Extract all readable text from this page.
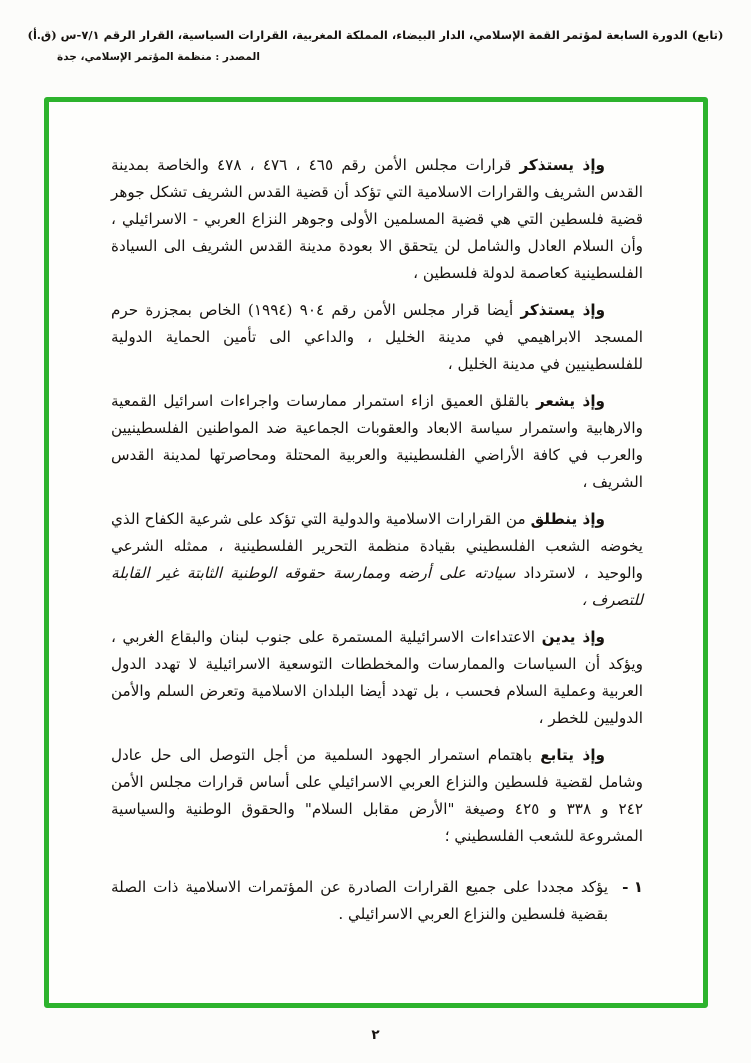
(تابع) الدورة السابعة لمؤتمر القمة الإسلامي، الدار البيضاء، المملكة المغربية، القرارات السياسية، القرار الرقم ٧/١-س (ق.أ)
المصدر : منظمة المؤتمر الإسلامي، جدة
وإذ يستذكر قرارات مجلس الأمن رقم ٤٦٥ ، ٤٧٦ ، ٤٧٨ والخاصة بمدينة القدس الشريف والقرارات الاسلامية التي تؤكد أن قضية القدس الشريف تشكل جوهر قضية فلسطين التي هي قضية المسلمين الأولى وجوهر النزاع العربي - الاسرائيلي ، وأن السلام العادل والشامل لن يتحقق الا بعودة مدينة القدس الشريف الى السيادة الفلسطينية كعاصمة لدولة فلسطين ،
وإذ يستذكر أيضا قرار مجلس الأمن رقم ٩٠٤ (١٩٩٤) الخاص بمجزرة حرم المسجد الابراهيمي في مدينة الخليل ، والداعي الى تأمين الحماية الدولية للفلسطينيين في مدينة الخليل ،
وإذ يشعر بالقلق العميق ازاء استمرار ممارسات واجراءات اسرائيل القمعية والارهابية واستمرار سياسة الابعاد والعقوبات الجماعية ضد المواطنين الفلسطينيين والعرب في كافة الأراضي الفلسطينية والعربية المحتلة ومحاصرتها لمدينة القدس الشريف ،
وإذ ينطلق من القرارات الاسلامية والدولية التي تؤكد على شرعية الكفاح الذي يخوضه الشعب الفلسطيني بقيادة منظمة التحرير الفلسطينية ، ممثله الشرعي والوحيد ، لاسترداد سيادته على أرضه وممارسة حقوقه الوطنية الثابتة غير القابلة للتصرف ،
وإذ يدين الاعتداءات الاسرائيلية المستمرة على جنوب لبنان والبقاع الغربي ، ويؤكد أن السياسات والممارسات والمخططات التوسعية الاسرائيلية لا تهدد الدول العربية وعملية السلام فحسب ، بل تهدد أيضا البلدان الاسلامية وتعرض السلم والأمن الدوليين للخطر ،
وإذ يتابع باهتمام استمرار الجهود السلمية من أجل التوصل الى حل عادل وشامل لقضية فلسطين والنزاع العربي الاسرائيلي على أساس قرارات مجلس الأمن ٢٤٢ و ٣٣٨ و ٤٢٥ وصيغة "الأرض مقابل السلام" والحقوق الوطنية والسياسية المشروعة للشعب الفلسطيني ؛
١ -
يؤكد مجددا على جميع القرارات الصادرة عن المؤتمرات الاسلامية ذات الصلة بقضية فلسطين والنزاع العربي الاسرائيلي .
٢
